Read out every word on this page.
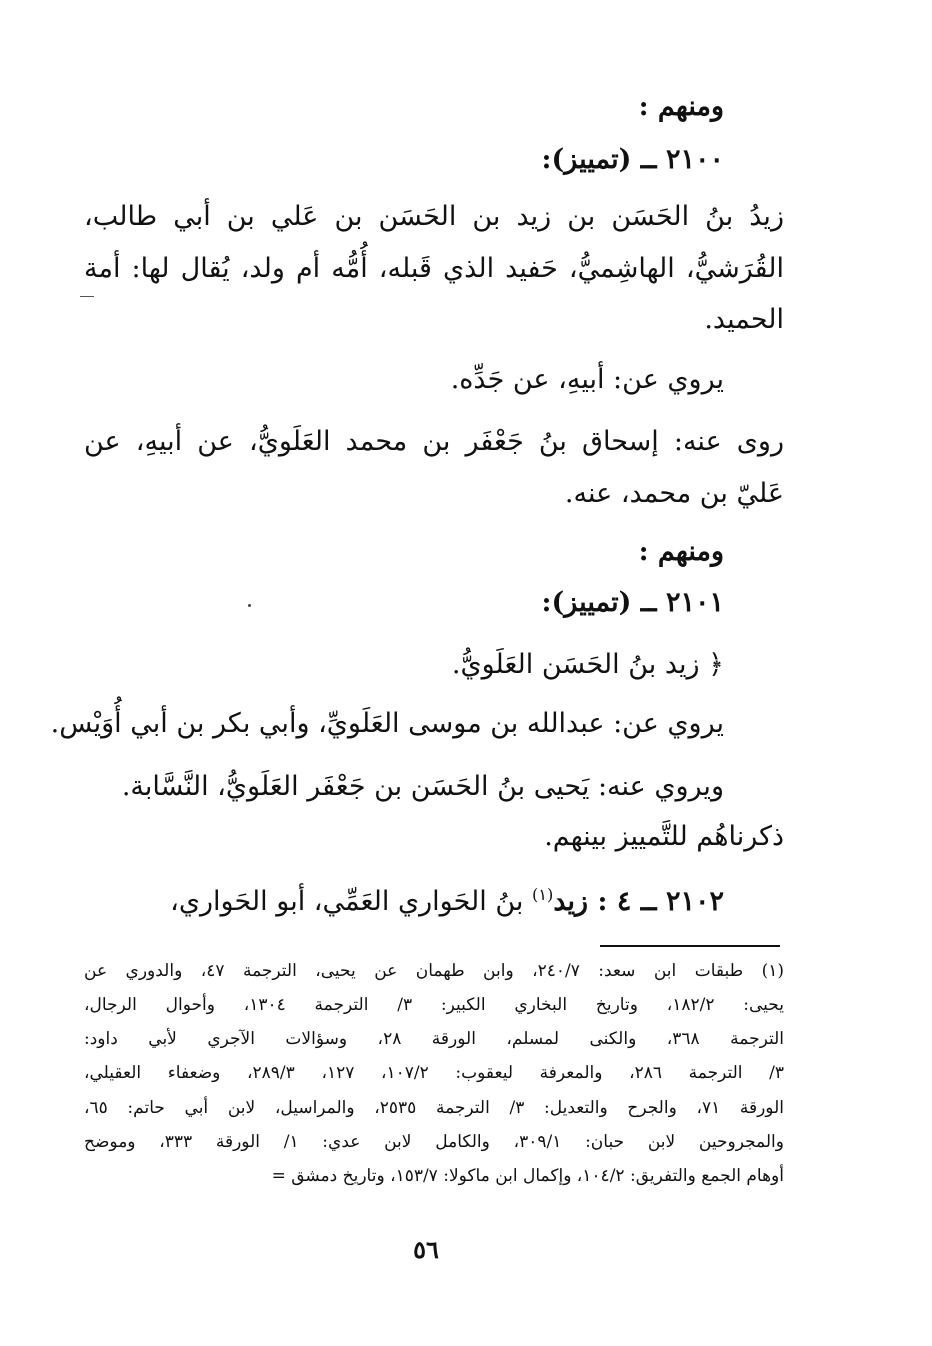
ومنهم :
٢١٠٠ ــ (تمييز):
زيدُ بنُ الحَسَن بن زيد بن الحَسَن بن عَلي بن أبي طالب،
القُرَشيُّ، الهاشِميُّ، حَفيد الذي قَبله، أُمُّه أم ولد، يُقال لها: أمة
الحميد.
يروي عن: أبيهِ، عن جَدِّه.
روى عنه: إسحاق بنُ جَعْفَر بن محمد العَلَويُّ، عن أبيهِ، عن
عَليّ بن محمد، عنه.
ومنهم :
٢١٠١ ــ (تمييز):
﴿ زيد بنُ الحَسَن العَلَويُّ.
يروي عن: عبدالله بن موسى العَلَويِّ، وأبي بكر بن أبي أُوَيْس.
ويروي عنه: يَحيى بنُ الحَسَن بن جَعْفَر العَلَويُّ، النَّسَّابة.
ذكرناهُم للتَّمييز بينهم.
٢١٠٢ ــ ٤ : زيد$^{(١)}$ بنُ الحَواري العَمِّي، أبو الحَواري،
(١) طبقات ابن سعد: ٢٤٠/٧، وابن طهمان عن يحيى، الترجمة ٤٧، والدوري عن
يحيى: ١٨٢/٢، وتاريخ البخاري الكبير: ٣/ الترجمة ١٣٠٤، وأحوال الرجال،
الترجمة ٣٦٨، والكنى لمسلم، الورقة ٢٨، وسؤالات الآجري لأبي داود:
٣/ الترجمة ٢٨٦، والمعرفة ليعقوب: ١٠٧/٢، ١٢٧، ٢٨٩/٣، وضعفاء العقيلي،
الورقة ٧١، والجرح والتعديل: ٣/ الترجمة ٢٥٣٥، والمراسيل، لابن أبي حاتم: ٦٥،
والمجروحين لابن حبان: ٣٠٩/١، والكامل لابن عدي: ١/ الورقة ٣٣٣، وموضح
أوهام الجمع والتفريق: ١٠٤/٢، وإكمال ابن ماكولا: ١٥٣/٧، وتاريخ دمشق =
٥٦
